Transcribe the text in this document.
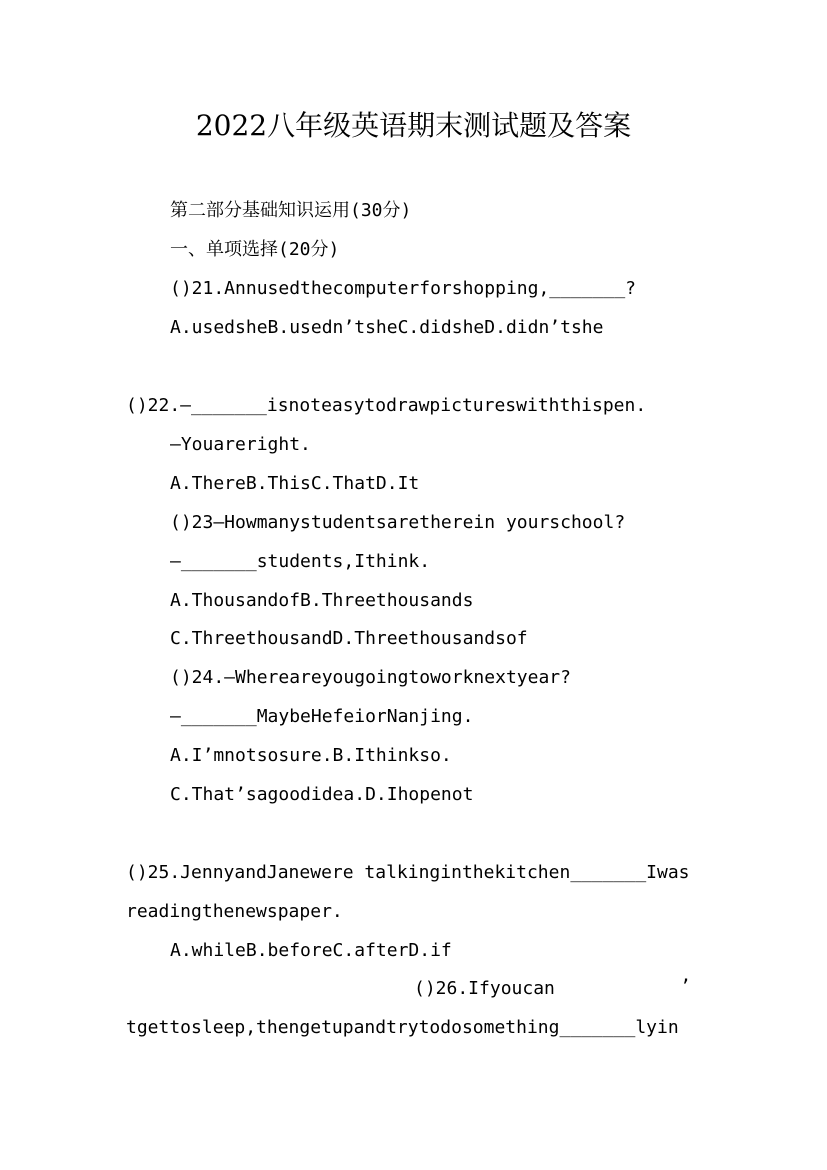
2022八年级英语期末测试题及答案
第二部分基础知识运用(30分)
一、单项选择(20分)
()21.Annusedthecomputerforshopping,_______?
A.usedsheB.usedn’tsheC.didsheD.didn’tshe
()22.—_______isnoteasytodrawpictureswiththispen.
—Youareright.
A.ThereB.ThisC.ThatD.It
()23—Howmanystudentsaretherein yourschool?
—_______students,Ithink.
A.ThousandofB.Threethousands
C.ThreethousandD.Threethousandsof
()24.—Whereareyougoingtoworknextyear?
—_______MaybeHefeiorNanjing.
A.I’mnotsosure.B.Ithinkso.
C.That’sagoodidea.D.Ihopenot
()25.JennyandJanewere talkinginthekitchen_______Iwas
readingthenewspaper.
A.whileB.beforeC.afterD.if
()26.Ifyoucan	’
tgettosleep,thengetupandtrytodosomething_______lyin
